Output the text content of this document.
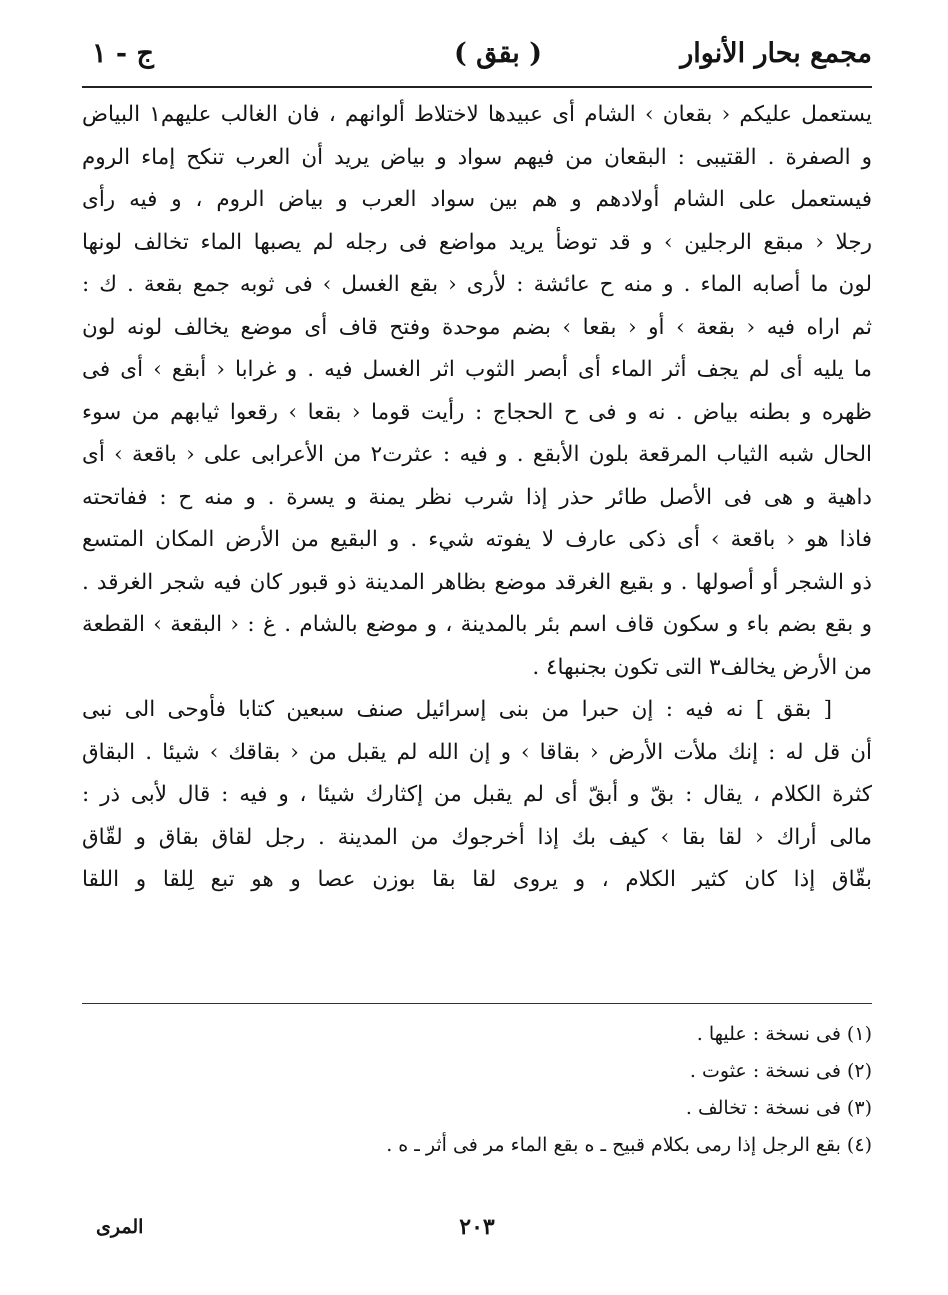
مجمع بحار الأنوار
( بقق )
ج - ١
يستعمل عليكم ‹ بقعان › الشام أى عبيدها لاختلاط ألوانهم ، فان الغالب عليهم١ البياض
و الصفرة . القتيبى : البقعان من فيهم سواد و بياض يريد أن العرب تنكح إماء الروم
فيستعمل على الشام أولادهم و هم بين سواد العرب و بياض الروم ، و فيه رأى
رجلا ‹ مبقع الرجلين › و قد توضأ يريد مواضع فى رجله لم يصبها الماء تخالف لونها
لون ما أصابه الماء . و منه ح عائشة : لأرى ‹ بقع الغسل › فى ثوبه جمع بقعة . ك :
ثم اراه فيه ‹ بقعة › أو ‹ بقعا › بضم موحدة وفتح قاف أى موضع يخالف لونه لون
ما يليه أى لم يجف أثر الماء أى أبصر الثوب اثر الغسل فيه . و غرابا ‹ أبقع › أى فى
ظهره و بطنه بياض . نه و فى ح الحجاج : رأيت قوما ‹ بقعا › رقعوا ثيابهم من سوء
الحال شبه الثياب المرقعة بلون الأبقع . و فيه : عثرت٢ من الأعرابى على ‹ باقعة › أى
داهية و هى فى الأصل طائر حذر إذا شرب نظر يمنة و يسرة . و منه ح : ففاتحته
فاذا هو ‹ باقعة › أى ذكى عارف لا يفوته شيء . و البقيع من الأرض المكان المتسع
ذو الشجر أو أصولها . و بقيع الغرقد موضع بظاهر المدينة ذو قبور كان فيه شجر الغرقد .
و بقع بضم باء و سكون قاف اسم بئر بالمدينة ، و موضع بالشام . غ : ‹ البقعة › القطعة
من الأرض يخالف٣ التى تكون بجنبها٤ .
[ بقق ] نه فيه : إن حبرا من بنى إسرائيل صنف سبعين كتابا فأوحى الى نبى
أن قل له : إنك ملأت الأرض ‹ بقاقا › و إن الله لم يقبل من ‹ بقاقك › شيئا . البقاق
كثرة الكلام ، يقال : بقّ و أبقّ أى لم يقبل من إكثارك شيئا ، و فيه : قال لأبى ذر :
مالى أراك ‹ لقا بقا › كيف بك إذا أخرجوك من المدينة . رجل لقاق بقاق و لقّاق
بقّاق إذا كان كثير الكلام ، و يروى لقا بقا بوزن عصا و هو تبع لِلقا و اللقا
(١) فى نسخة : عليها .
(٢) فى نسخة : عثوت .
(٣) فى نسخة : تخالف .
(٤) بقع الرجل إذا رمى بكلام قبيح ـ ه بقع الماء مر فى أثر ـ ه .
٢٠٣
المرى
